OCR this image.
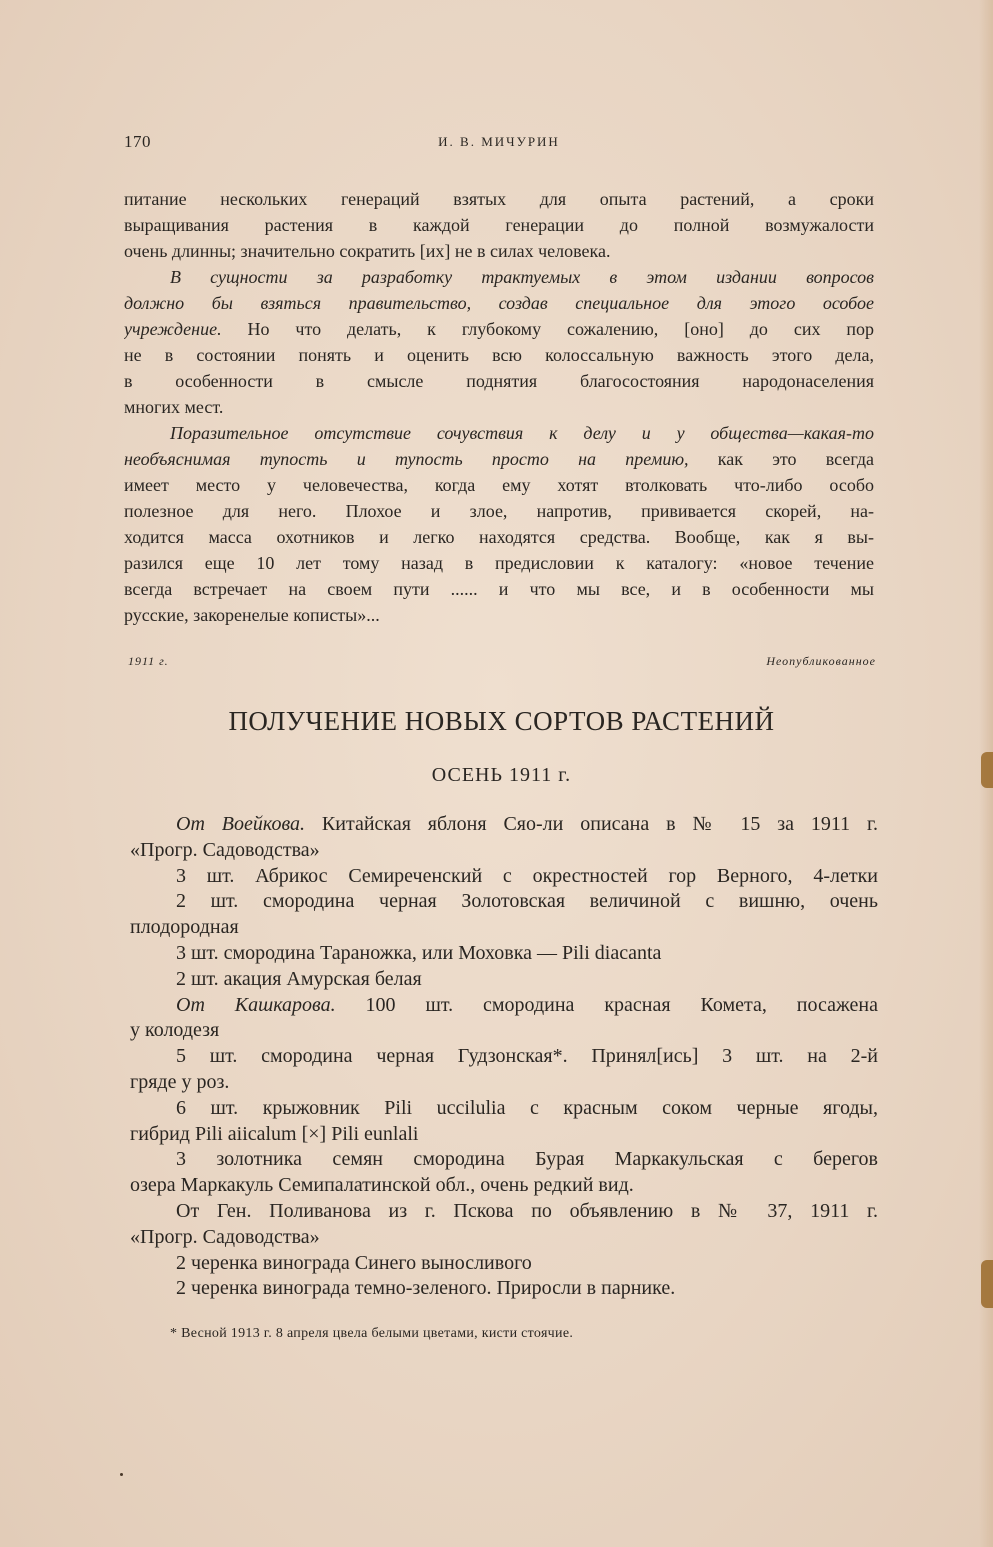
170	И. В. МИЧУРИН
питание нескольких генераций взятых для опыта растений, а сроки
выращивания растения в каждой генерации до полной возмужалости
очень длинны; значительно сократить [их] не в силах человека.
В сущности за разработку трактуемых в этом издании вопросов
должно бы взяться правительство, создав специальное для этого особое
учреждение. Но что делать, к глубокому сожалению, [оно] до сих пор
не в состоянии понять и оценить всю колоссальную важность этого дела,
в особенности в смысле поднятия благосостояния народонаселения
многих мест.
Поразительное отсутствие сочувствия к делу и у общества—какая-то
необъяснимая тупость и тупость просто на премию, как это всегда
имеет место у человечества, когда ему хотят втолковать что-либо особо
полезное для него. Плохое и злое, напротив, прививается скорей, на-
ходится масса охотников и легко находятся средства. Вообще, как я вы-
разился еще 10 лет тому назад в предисловии к каталогу: «новое течение
всегда встречает на своем пути ...... и что мы все, и в особенности мы
русские, закоренелые кописты»...
1911 г.	Неопубликованное
ПОЛУЧЕНИЕ НОВЫХ СОРТОВ РАСТЕНИЙ
ОСЕНЬ 1911 г.
От Воейкова. Китайская яблоня Сяо-ли описана в № 15 за 1911 г.
«Прогр. Садоводства»
3 шт. Абрикос Семиреченский с окрестностей гор Верного, 4-летки
2 шт. смородина черная Золотовская величиной с вишню, очень
плодородная
3 шт. смородина Тараножка, или Моховка — Pili diacanta
2 шт. акация Амурская белая
От Кашкарова. 100 шт. смородина красная Комета, посажена
у колодезя
5 шт. смородина черная Гудзонская*. Принял[ись] 3 шт. на 2-й
гряде у роз.
6 шт. крыжовник Pili uccilulia с красным соком черные ягоды,
гибрид Pili aiicalum [×] Pili eunlali
3 золотника семян смородина Бурая Маркакульская с берегов
озера Маркакуль Семипалатинской обл., очень редкий вид.
От Ген. Поливанова из г. Пскова по объявлению в № 37, 1911 г.
«Прогр. Садоводства»
2 черенка винограда Синего выносливого
2 черенка винограда темно-зеленого. Приросли в парнике.
* Весной 1913 г. 8 апреля цвела белыми цветами, кисти стоячие.
